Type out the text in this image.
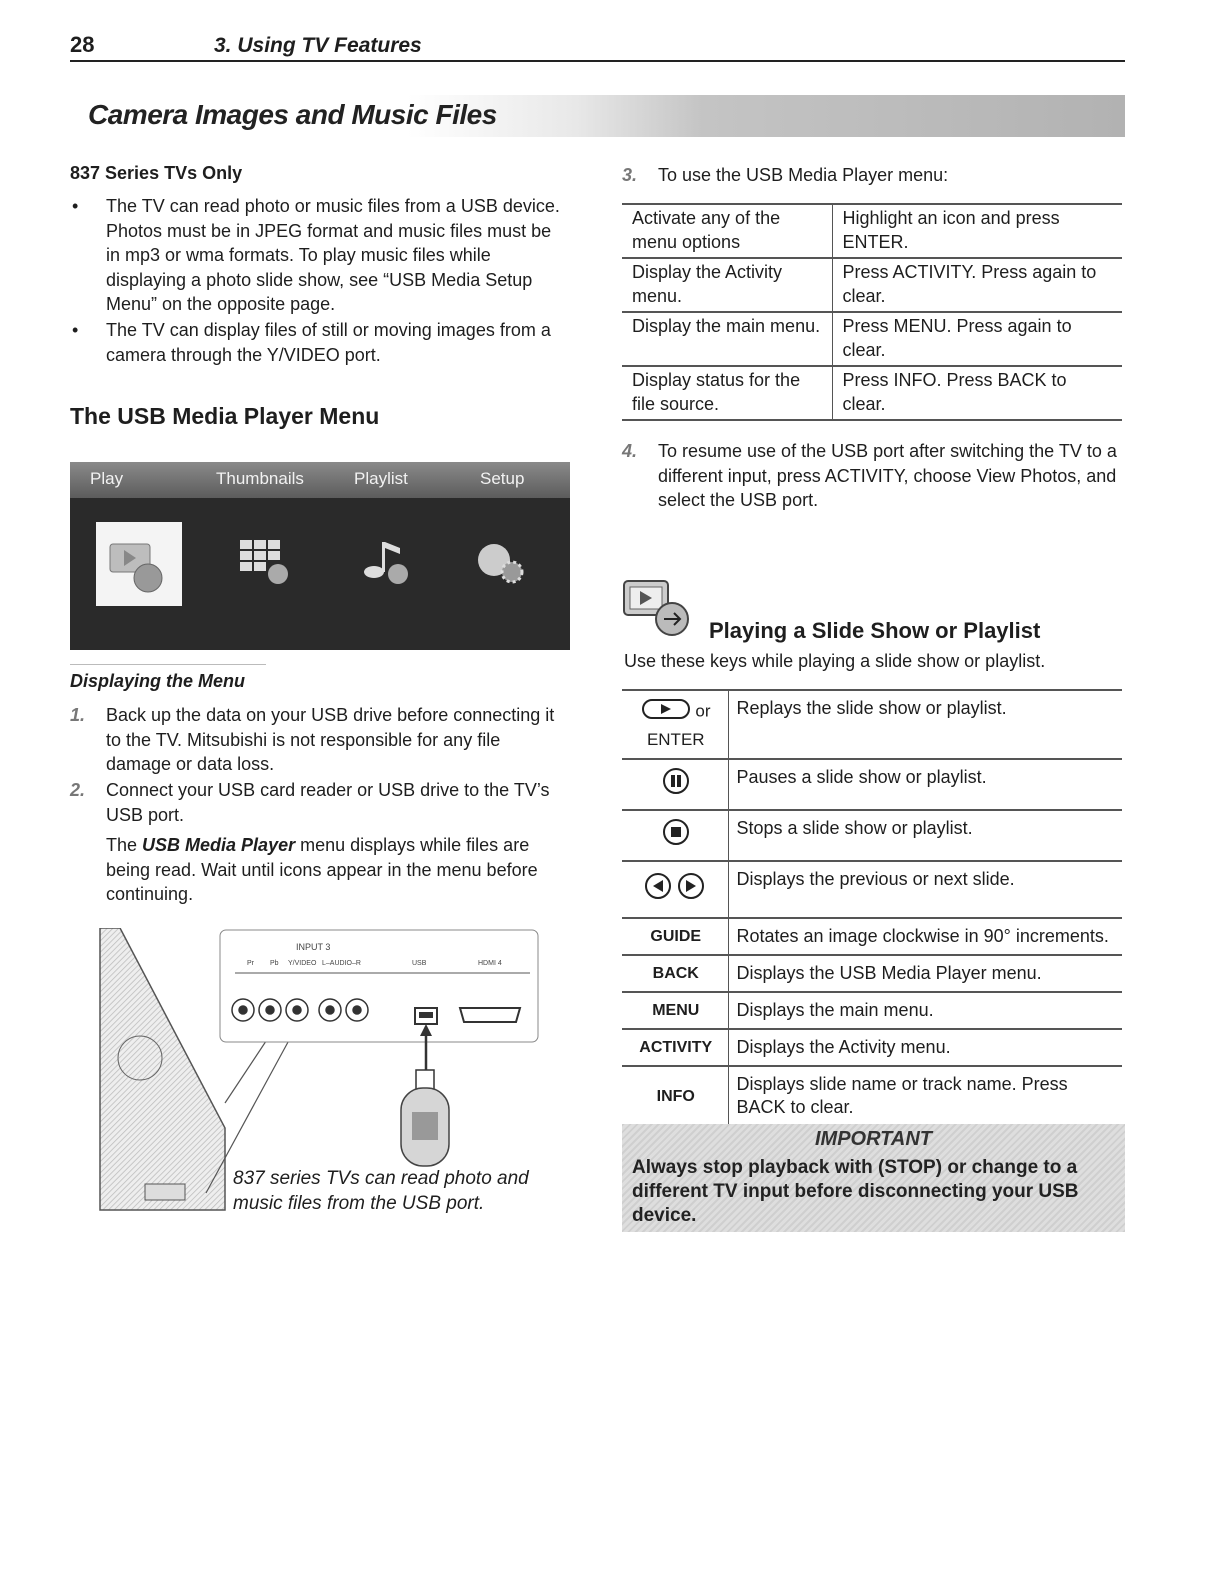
28	3. Using TV Features
Camera Images and Music Files
837 Series TVs Only
• The TV can read photo or music files from a USB device. Photos must be in JPEG format and music files must be in mp3 or wma formats. To play music files while displaying a photo slide show, see “USB Media Setup Menu” on the opposite page.
• The TV can display files of still or moving images from a camera through the Y/VIDEO port.
The USB Media Player Menu
Play	Thumbnails	Playlist	Setup
Displaying the Menu
1. Back up the data on your USB drive before connecting it to the TV. Mitsubishi is not responsible for any file damage or data loss.
2. Connect your USB card reader or USB drive to the TV’s USB port.
The USB Media Player menu displays while files are being read. Wait until icons appear in the menu before continuing.
INPUT 3
Pr Pb Y/VIDEO L–AUDIO–R	USB	HDMI 4
837 series TVs can read photo and music files from the USB port.
3. To use the USB Media Player menu:
Activate any of the menu options	Highlight an icon and press ENTER.
Display the Activity menu.	Press ACTIVITY. Press again to clear.
Display the main menu.	Press MENU. Press again to clear.
Display status for the file source.	Press INFO. Press BACK to clear.
4. To resume use of the USB port after switching the TV to a different input, press ACTIVITY, choose View Photos, and select the USB port.
Playing a Slide Show or Playlist
Use these keys while playing a slide show or playlist.
or ENTER	Replays the slide show or playlist.
	Pauses a slide show or playlist.
	Stops a slide show or playlist.
	Displays the previous or next slide.
GUIDE	Rotates an image clockwise in 90° increments.
BACK	Displays the USB Media Player menu.
MENU	Displays the main menu.
ACTIVITY	Displays the Activity menu.
INFO	Displays slide name or track name. Press BACK to clear.
IMPORTANT
Always stop playback with (STOP) or change to a different TV input before disconnecting your USB device.
